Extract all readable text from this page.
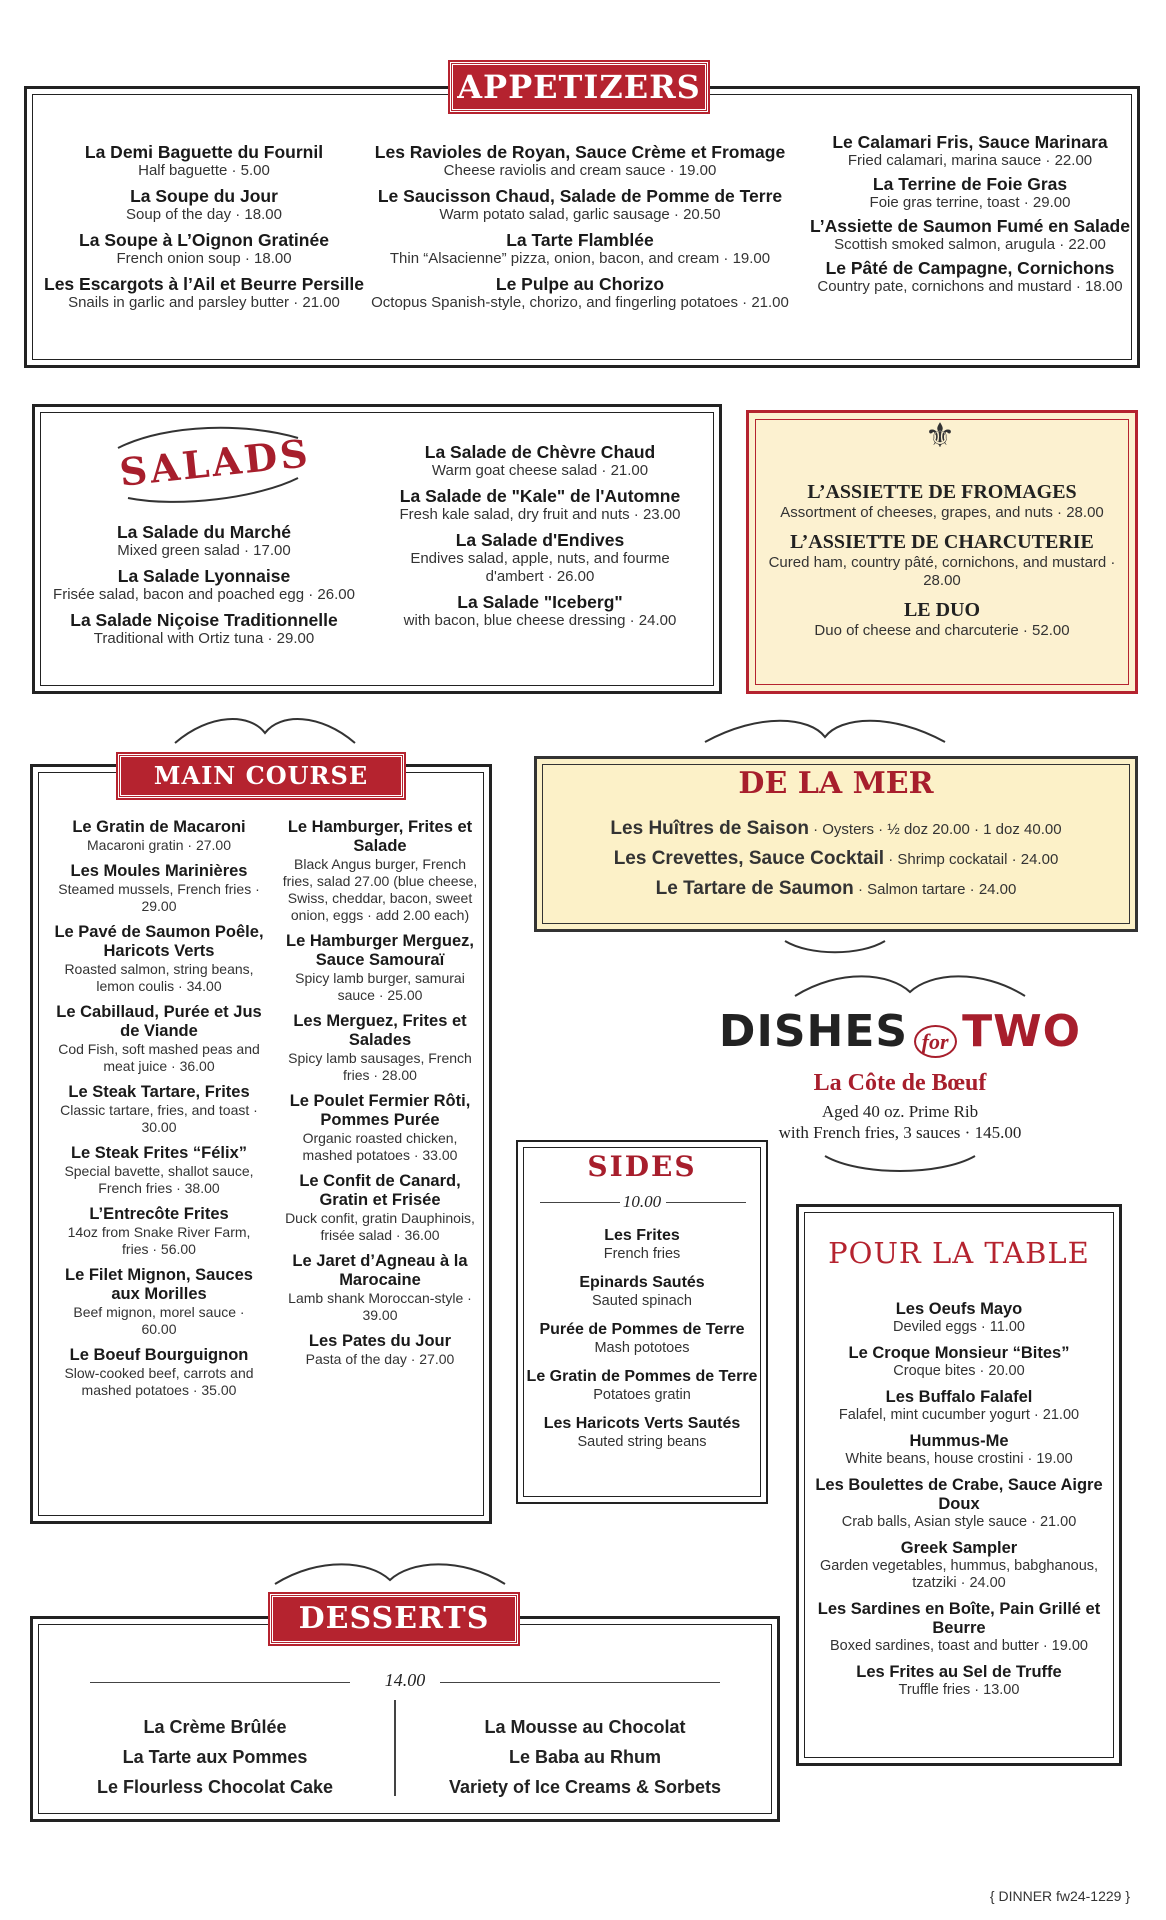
APPETIZERS
La Demi Baguette du Fournil
Half baguette · 5.00
La Soupe du Jour
Soup of the day · 18.00
La Soupe à L’Oignon Gratinée
French onion soup · 18.00
Les Escargots à l’Ail et Beurre Persille
Snails in garlic and parsley butter · 21.00
Les Ravioles de Royan, Sauce Crème et Fromage
Cheese raviolis and cream sauce · 19.00
Le Saucisson Chaud, Salade de Pomme de Terre
Warm potato salad, garlic sausage · 20.50
La Tarte Flamblée
Thin “Alsacienne” pizza, onion, bacon, and cream · 19.00
Le Pulpe au Chorizo
Octopus Spanish-style, chorizo, and fingerling potatoes · 21.00
Le Calamari Fris, Sauce Marinara
Fried calamari, marina sauce · 22.00
La Terrine de Foie Gras
Foie gras terrine, toast · 29.00
L’Assiette de Saumon Fumé en Salade
Scottish smoked salmon, arugula · 22.00
Le Pâté de Campagne, Cornichons
Country pate, cornichons and mustard · 18.00
SALADS
La Salade du Marché
Mixed green salad · 17.00
La Salade Lyonnaise
Frisée salad, bacon and poached egg · 26.00
La Salade Niçoise Traditionnelle
Traditional with Ortiz tuna · 29.00
La Salade de Chèvre Chaud
Warm goat cheese salad · 21.00
La Salade de "Kale" de l'Automne
Fresh kale salad, dry fruit and nuts · 23.00
La Salade d'Endives
Endives salad, apple, nuts, and fourme d'ambert · 26.00
La Salade "Iceberg"
with bacon, blue cheese dressing · 24.00
⚜
L’ASSIETTE DE FROMAGES
Assortment of cheeses, grapes, and nuts · 28.00
L’ASSIETTE DE CHARCUTERIE
Cured ham, country pâté, cornichons, and mustard · 28.00
LE DUO
Duo of cheese and charcuterie · 52.00
MAIN COURSE
Le Gratin de Macaroni
Macaroni gratin · 27.00
Les Moules Marinières
Steamed mussels, French fries · 29.00
Le Pavé de Saumon Poêle, Haricots Verts
Roasted salmon, string beans, lemon coulis · 34.00
Le Cabillaud, Purée et Jus de Viande
Cod Fish, soft mashed peas and meat juice · 36.00
Le Steak Tartare, Frites
Classic tartare, fries, and toast · 30.00
Le Steak Frites “Félix”
Special bavette, shallot sauce, French fries · 38.00
L’Entrecôte Frites
14oz from Snake River Farm, fries · 56.00
Le Filet Mignon, Sauces aux Morilles
Beef mignon, morel sauce · 60.00
Le Boeuf Bourguignon
Slow-cooked beef, carrots and mashed potatoes · 35.00
Le Hamburger, Frites et Salade
Black Angus burger, French fries, salad 27.00 (blue cheese, Swiss, cheddar, bacon, sweet onion, eggs · add 2.00 each)
Le Hamburger Merguez, Sauce Samouraï
Spicy lamb burger, samurai sauce · 25.00
Les Merguez, Frites et Salades
Spicy lamb sausages, French fries · 28.00
Le Poulet Fermier Rôti, Pommes Purée
Organic roasted chicken, mashed potatoes · 33.00
Le Confit de Canard, Gratin et Frisée
Duck confit, gratin Dauphinois, frisée salad · 36.00
Le Jaret d’Agneau à la Marocaine
Lamb shank Moroccan-style · 39.00
Les Pates du Jour
Pasta of the day · 27.00
DE LA MER
Les Huîtres de Saison · Oysters · ½ doz 20.00 · 1 doz 40.00
Les Crevettes, Sauce Cocktail · Shrimp cockatail · 24.00
Le Tartare de Saumon · Salmon tartare · 24.00
DISHES for TWO
La Côte de Bœuf
Aged 40 oz. Prime Rib
with French fries, 3 sauces · 145.00
SIDES
10.00
Les Frites
French fries
Epinards Sautés
Sauted spinach
Purée de Pommes de Terre
Mash pototoes
Le Gratin de Pommes de Terre
Potatoes gratin
Les Haricots Verts Sautés
Sauted string beans
POUR LA TABLE
Les Oeufs Mayo
Deviled eggs · 11.00
Le Croque Monsieur “Bites”
Croque bites · 20.00
Les Buffalo Falafel
Falafel, mint cucumber yogurt · 21.00
Hummus-Me
White beans, house crostini · 19.00
Les Boulettes de Crabe, Sauce Aigre Doux
Crab balls, Asian style sauce · 21.00
Greek Sampler
Garden vegetables, hummus, babghanous, tzatziki · 24.00
Les Sardines en Boîte, Pain Grillé et Beurre
Boxed sardines, toast and butter · 19.00
Les Frites au Sel de Truffe
Truffle fries · 13.00
DESSERTS
14.00
La Crème Brûlée
La Tarte aux Pommes
Le Flourless Chocolat Cake
La Mousse au Chocolat
Le Baba au Rhum
Variety of Ice Creams & Sorbets
{ DINNER fw24-1229 }
